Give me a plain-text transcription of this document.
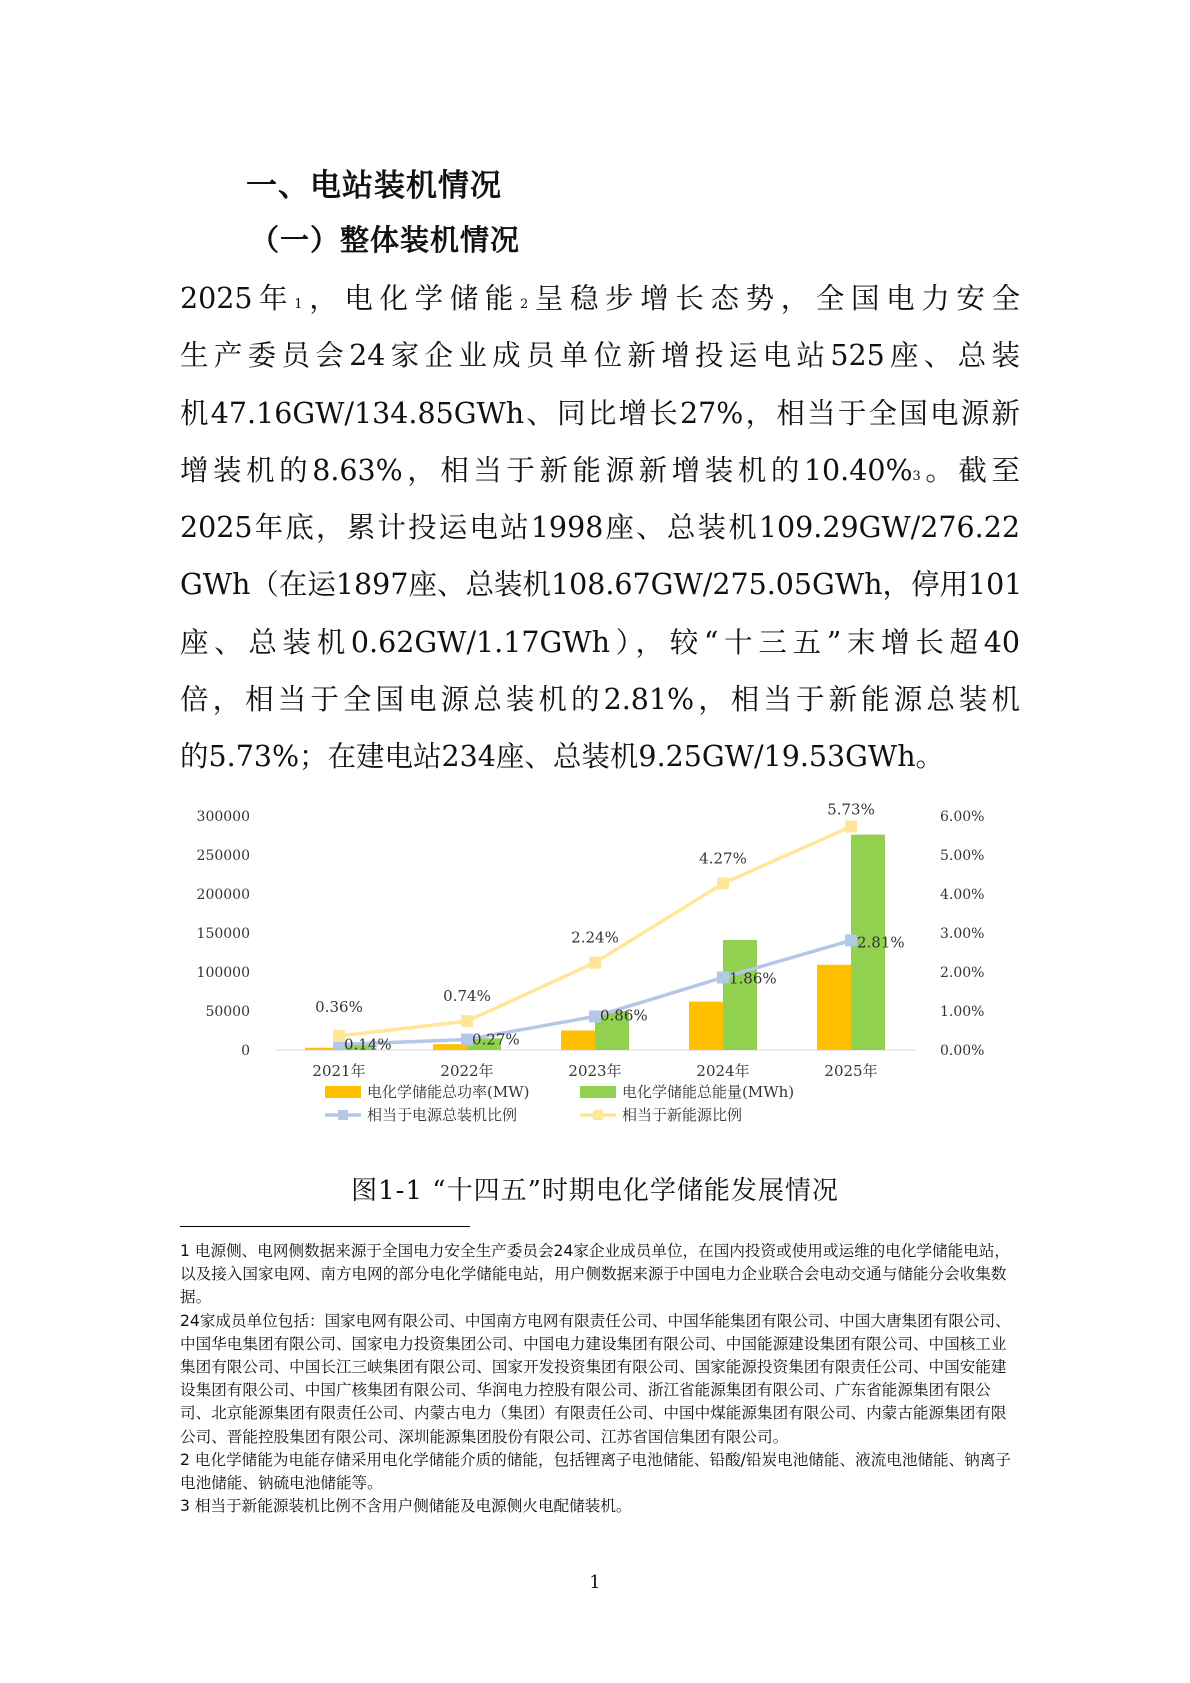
一、电站装机情况
（一）整体装机情况
2025年$^1$，电化学储能$^2$呈稳步增长态势，全国电力安全
生产委员会24家企业成员单位新增投运电站525座、总装
机47.16GW/134.85GWh、同比增长27%，相当于全国电源新
增装机的8.63%，相当于新能源新增装机的10.40%$^3$。截至
2025年底，累计投运电站1998座、总装机109.29GW/276.22
GWh（在运1897座、总装机108.67GW/275.05GWh，停用101
座、总装机0.62GW/1.17GWh），较“十三五”末增长超40
倍，相当于全国电源总装机的2.81%，相当于新能源总装机
的5.73%；在建电站234座、总装机9.25GW/19.53GWh。
0
50000
100000
150000
200000
250000
300000
0.00%
1.00%
2.00%
3.00%
4.00%
5.00%
6.00%
2021年	2022年	2023年	2024年	2025年
0.36%
0.74%
2.24%
4.27%
5.73%
0.14%	0.27%
0.86%
1.86%
2.81%
电化学储能总功率(MW)	电化学储能总能量(MWh)
相当于电源总装机比例	相当于新能源比例
图1-1 “十四五”时期电化学储能发展情况

1 电源侧、电网侧数据来源于全国电力安全生产委员会24家企业成员单位，在国内投资或使用或运维的电化学储能电站，以及接入国家电网、南方电网的部分电化学储能电站，用户侧数据来源于中国电力企业联合会电动交通与储能分会收集数据。

24家成员单位包括：国家电网有限公司、中国南方电网有限责任公司、中国华能集团有限公司、中国大唐集团有限公司、中国华电集团有限公司、国家电力投资集团公司、中国电力建设集团有限公司、中国能源建设集团有限公司、中国核工业集团有限公司、中国长江三峡集团有限公司、国家开发投资集团有限公司、国家能源投资集团有限责任公司、中国安能建设集团有限公司、中国广核集团有限公司、华润电力控股有限公司、浙江省能源集团有限公司、广东省能源集团有限公司、北京能源集团有限责任公司、内蒙古电力（集团）有限责任公司、中国中煤能源集团有限公司、内蒙古能源集团有限公司、晋能控股集团有限公司、深圳能源集团股份有限公司、江苏省国信集团有限公司。

2 电化学储能为电能存储采用电化学储能介质的储能，包括锂离子电池储能、铅酸/铅炭电池储能、液流电池储能、钠离子电池储能、钠硫电池储能等。

3 相当于新能源装机比例不含用户侧储能及电源侧火电配储装机。

1
